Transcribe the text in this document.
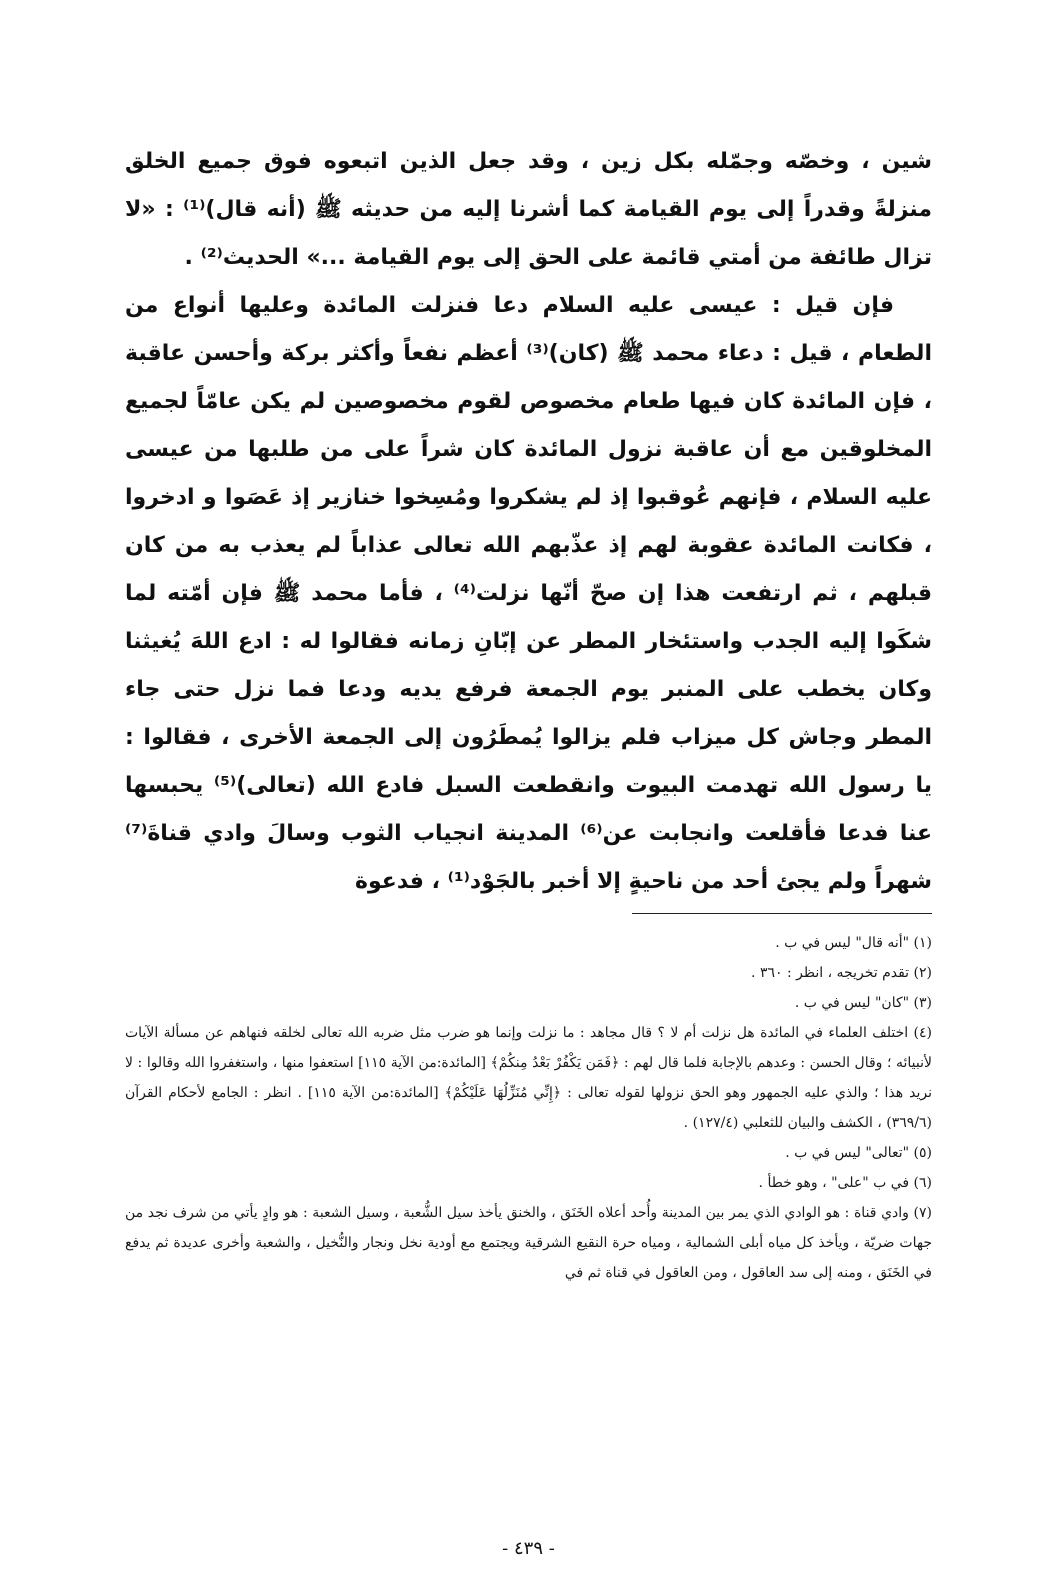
شين ، وخصّه وجمّله بكل زين ، وقد جعل الذين اتبعوه فوق جميع الخلق منزلةً وقدراً إلى يوم القيامة كما أشرنا إليه من حديثه ﷺ (أنه قال)⁽¹⁾ : «لا تزال طائفة من أمتي قائمة على الحق إلى يوم القيامة ...» الحديث⁽²⁾ .

فإن قيل : عيسى عليه السلام دعا فنزلت المائدة وعليها أنواع من الطعام ، قيل : دعاء محمد ﷺ (كان)⁽³⁾ أعظم نفعاً وأكثر بركة وأحسن عاقبة ، فإن المائدة كان فيها طعام مخصوص لقوم مخصوصين لم يكن عامّاً لجميع المخلوقين مع أن عاقبة نزول المائدة كان شراً على من طلبها من عيسى عليه السلام ، فإنهم عُوقبوا إذ لم يشكروا ومُسِخوا خنازير إذ عَصَوا و ادخروا ، فكانت المائدة عقوبة لهم إذ عذّبهم الله تعالى عذاباً لم يعذب به من كان قبلهم ، ثم ارتفعت هذا إن صحّ أنّها نزلت⁽⁴⁾ ، فأما محمد ﷺ فإن أمّته لما شكَوا إليه الجدب واستئخار المطر عن إبّانِ زمانه فقالوا له : ادع اللهَ يُغيثنا وكان يخطب على المنبر يوم الجمعة فرفع يديه ودعا فما نزل حتى جاء المطر وجاش كل ميزاب فلم يزالوا يُمطَرُون إلى الجمعة الأخرى ، فقالوا : يا رسول الله تهدمت البيوت وانقطعت السبل فادع الله (تعالى)⁽⁵⁾ يحبسها عنا فدعا فأقلعت وانجابت عن⁽⁶⁾ المدينة انجياب الثوب وسالَ وادي قناةَ⁽⁷⁾ شهراً ولم يجئ أحد من ناحيةٍ إلا أخبر بالجَوْد⁽¹⁾ ، فدعوة

(١) "أنه قال" ليس في ب .

(٢) تقدم تخريجه ، انظر : ٣٦٠ .

(٣) "كان" ليس في ب .

(٤) اختلف العلماء في المائدة هل نزلت أم لا ؟ قال مجاهد : ما نزلت وإنما هو ضرب مثل ضربه الله تعالى لخلقه فنهاهم عن مسألة الآيات لأنبيائه ؛ وقال الحسن : وعدهم بالإجابة فلما قال لهم : ﴿فَمَن يَكْفُرْ بَعْدُ مِنكُمْ﴾ [المائدة:من الآية ١١٥] استعفوا منها ، واستغفروا الله وقالوا : لا نريد هذا ؛ والذي عليه الجمهور وهو الحق نزولها لقوله تعالى : ﴿إِنِّي مُنَزِّلُهَا عَلَيْكُمْ﴾ [المائدة:من الآية ١١٥] . انظر : الجامع لأحكام القرآن (٣٦٩/٦) ، الكشف والبيان للثعلبي (١٢٧/٤) .

(٥) "تعالى" ليس في ب .

(٦) في ب "على" ، وهو خطأ .

(٧) وادي قناة : هو الوادي الذي يمر بين المدينة وأُحد أعلاه الخَنَق ، والخنق يأخذ سيل الشُّعبة ، وسيل الشعبة : هو وادٍ يأتي من شرف نجد من جهات ضريّة ، ويأخذ كل مياه أبلى الشمالية ، ومياه حرة النقيع الشرقية ويجتمع مع أودية نخل ونجار والنُّخيل ، والشعبة وأخرى عديدة ثم يدفع في الخَنَق ، ومنه إلى سد العاقول ، ومن العاقول في قناة ثم في

- ٤٣٩ -
